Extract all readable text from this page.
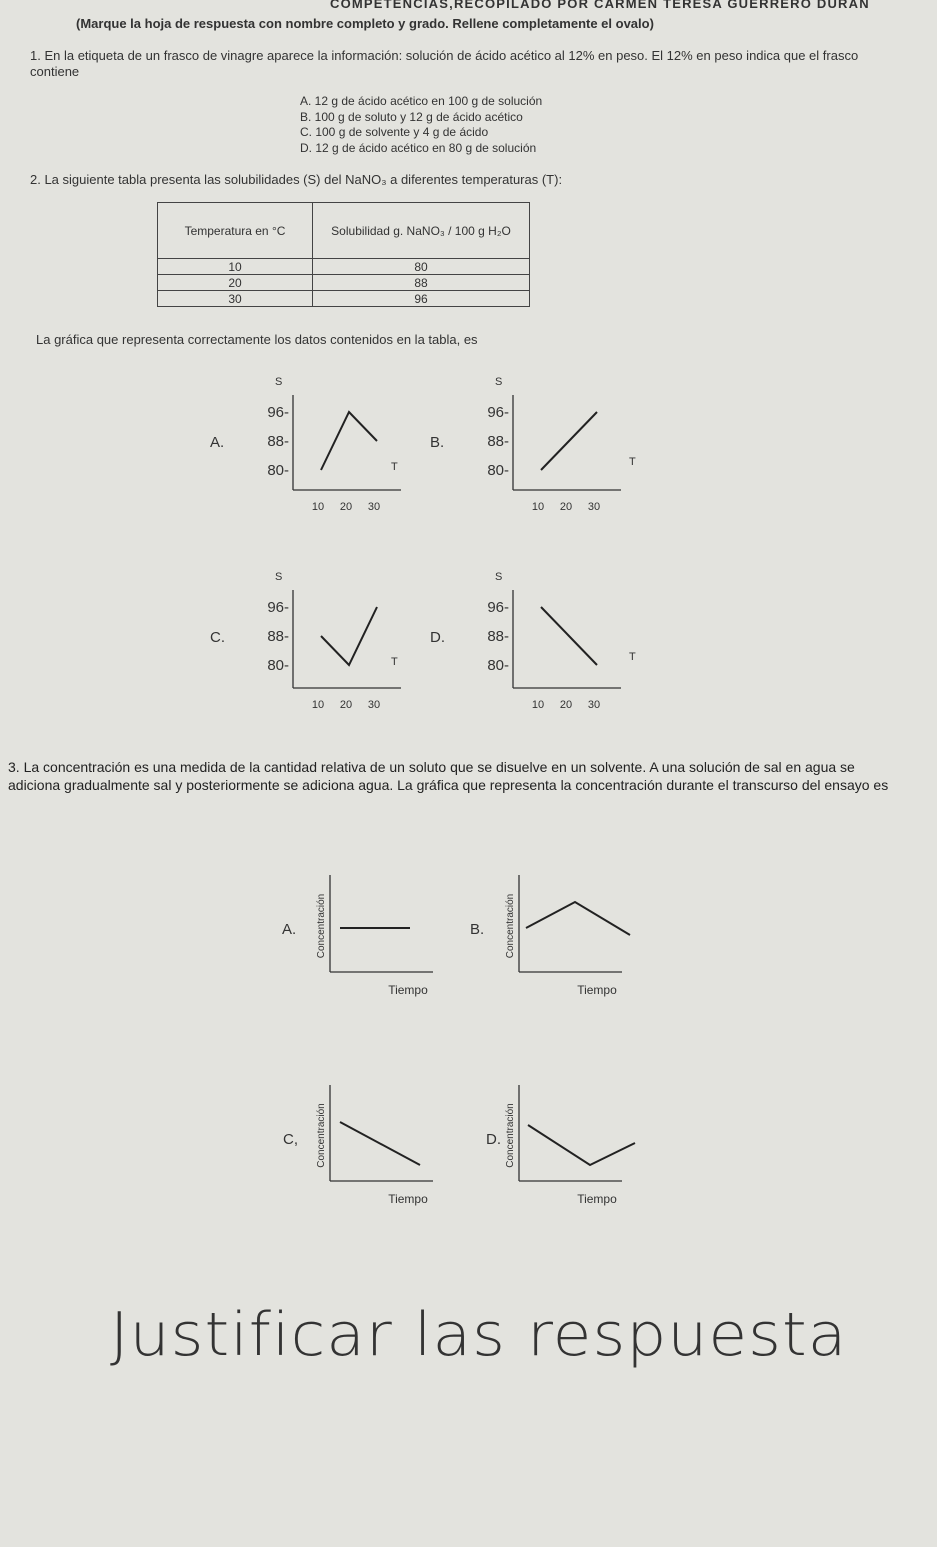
COMPETENCIAS,RECOPILADO POR CARMEN TERESA GUERRERO DURAN
(Marque la hoja de respuesta con nombre completo y grado. Rellene completamente el ovalo)
1. En la etiqueta de un frasco de vinagre aparece la información: solución de ácido acético al 12% en peso. El 12% en peso indica que el frasco contiene
A. 12 g de ácido acético en 100 g de solución
B. 100 g de soluto y 12 g de ácido acético
C. 100 g de solvente y 4 g de ácido
D. 12 g de ácido acético en 80 g de solución
2. La siguiente tabla presenta las solubilidades (S) del NaNO₃ a diferentes temperaturas (T):
Temperatura en °C	Solubilidad g. NaNO₃ / 100 g H₂O
10	80
20	88
30	96
La gráfica que representa correctamente los datos contenidos en la tabla, es
A.
S
96-
88-
80-
10 20 30
T
B.
S
96-
88-
80-
10 20 30
T
C.
S
96-
88-
80-
10 20 30
T
D.
S
96-
88-
80-
10 20 30
T
3. La concentración es una medida de la cantidad relativa de un soluto que se disuelve en un solvente. A una solución de sal en agua se adiciona gradualmente sal y posteriormente se adiciona agua. La gráfica que representa la concentración durante el transcurso del ensayo es
A. Concentración
Tiempo
B. Concentración
Tiempo
C, Concentración
Tiempo
D. Concentración
Tiempo
Justificar las respuesta
